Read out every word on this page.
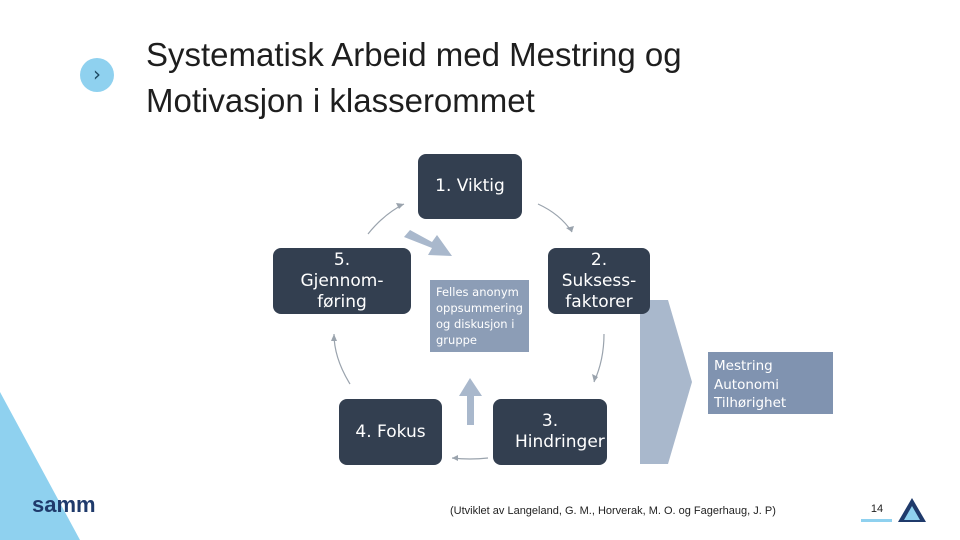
›
Systematisk Arbeid med Mestring og Motivasjon i klasserommet
1. Viktig
2. Suksess-faktorer
3. Hindringer
4. Fokus
5. Gjennom-føring	Felles anonym
oppsummering
og diskusjon i
gruppe
Mestring
Autonomi
Tilhørighet
samm	(Utviklet av Langeland, G. M., Horverak, M. O. og Fagerhaug, J. P)	14
